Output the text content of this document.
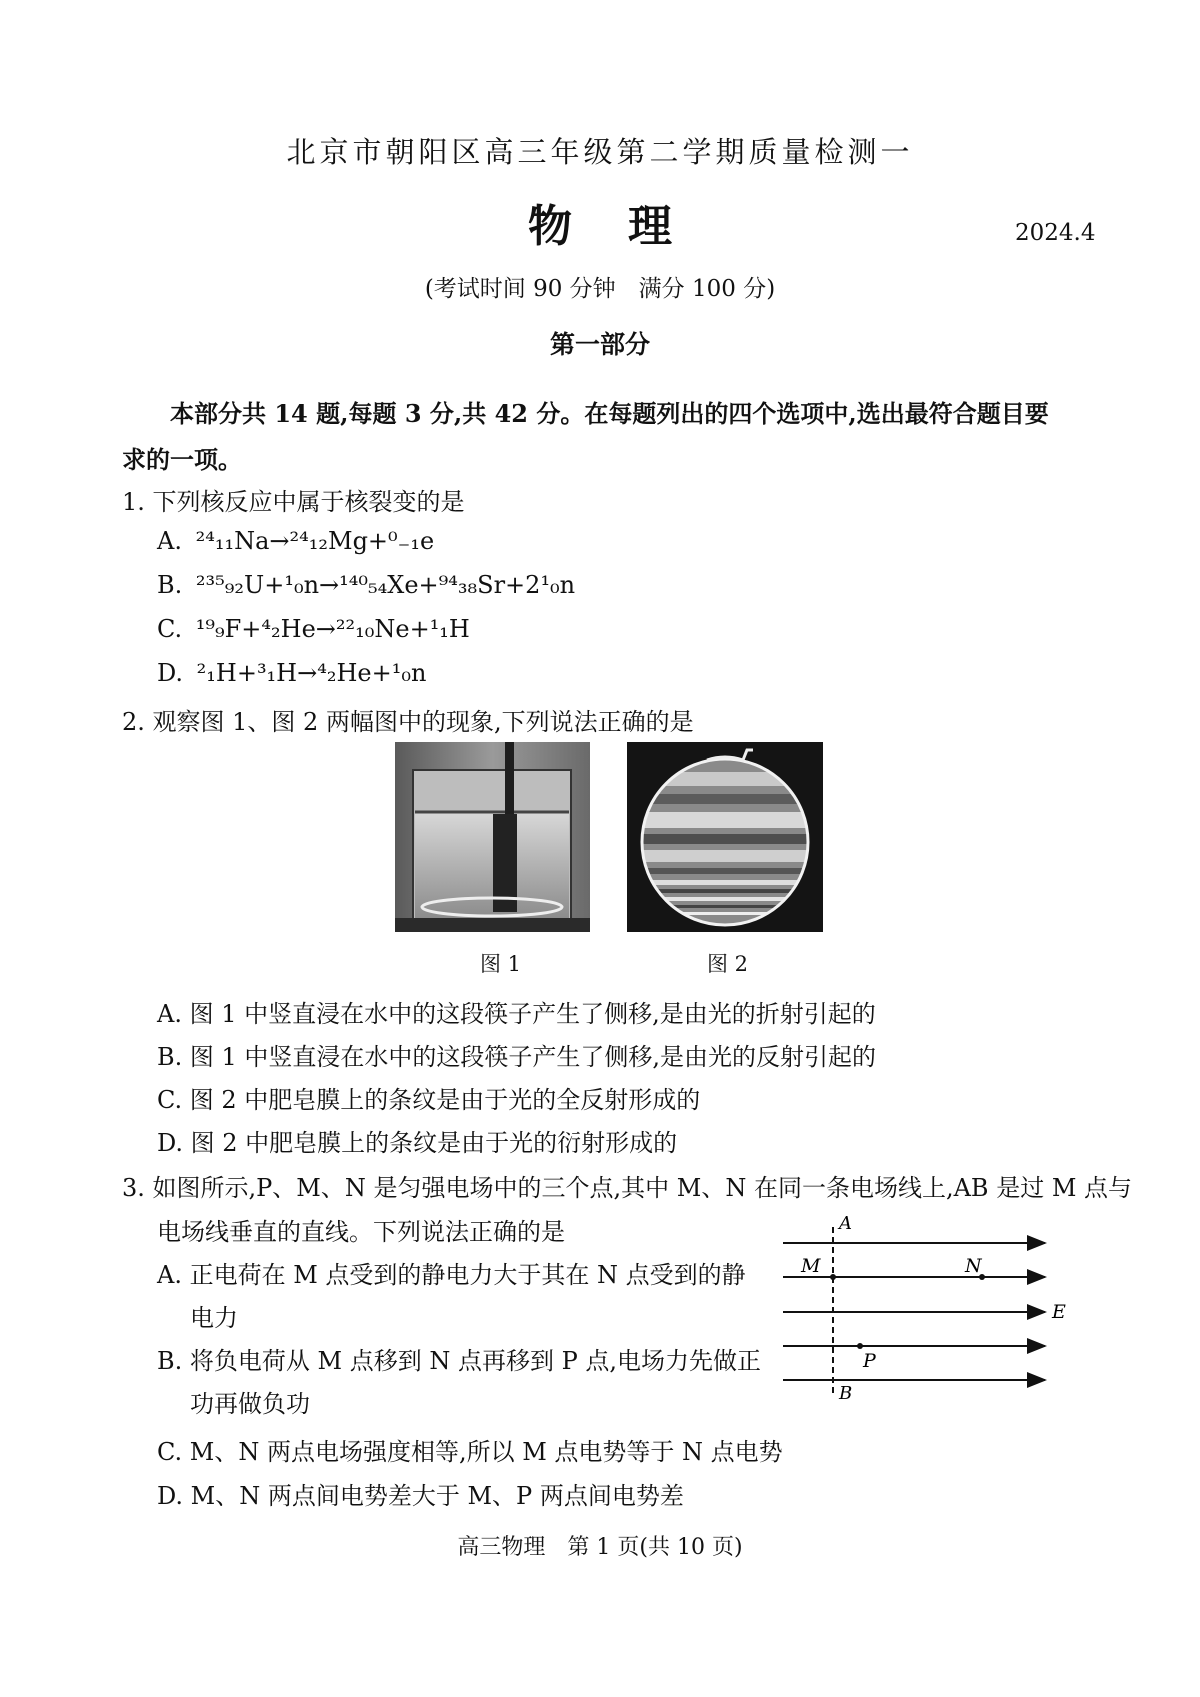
北京市朝阳区高三年级第二学期质量检测一
物理	2024.4
(考试时间 90 分钟　满分 100 分)
第一部分
本部分共 14 题,每题 3 分,共 42 分。在每题列出的四个选项中,选出最符合题目要求的一项。
1. 下列核反应中属于核裂变的是
A. ²⁴₁₁Na→²⁴₁₂Mg+⁰₋₁e
B. ²³⁵₉₂U+¹₀n→¹⁴⁰₅₄Xe+⁹⁴₃₈Sr+2¹₀n
C. ¹⁹₉F+⁴₂He→²²₁₀Ne+¹₁H
D. ²₁H+³₁H→⁴₂He+¹₀n
2. 观察图 1、图 2 两幅图中的现象,下列说法正确的是
图 1	图 2
A. 图 1 中竖直浸在水中的这段筷子产生了侧移,是由光的折射引起的
B. 图 1 中竖直浸在水中的这段筷子产生了侧移,是由光的反射引起的
C. 图 2 中肥皂膜上的条纹是由于光的全反射形成的
D. 图 2 中肥皂膜上的条纹是由于光的衍射形成的
3. 如图所示,P、M、N 是匀强电场中的三个点,其中 M、N 在同一条电场线上,AB 是过 M 点与
电场线垂直的直线。下列说法正确的是
A. 正电荷在 M 点受到的静电力大于其在 N 点受到的静
电力
B. 将负电荷从 M 点移到 N 点再移到 P 点,电场力先做正
功再做负功
C. M、N 两点电场强度相等,所以 M 点电势等于 N 点电势
D. M、N 两点间电势差大于 M、P 两点间电势差
A
M	N
E
P
B
高三物理　第 1 页(共 10 页)
